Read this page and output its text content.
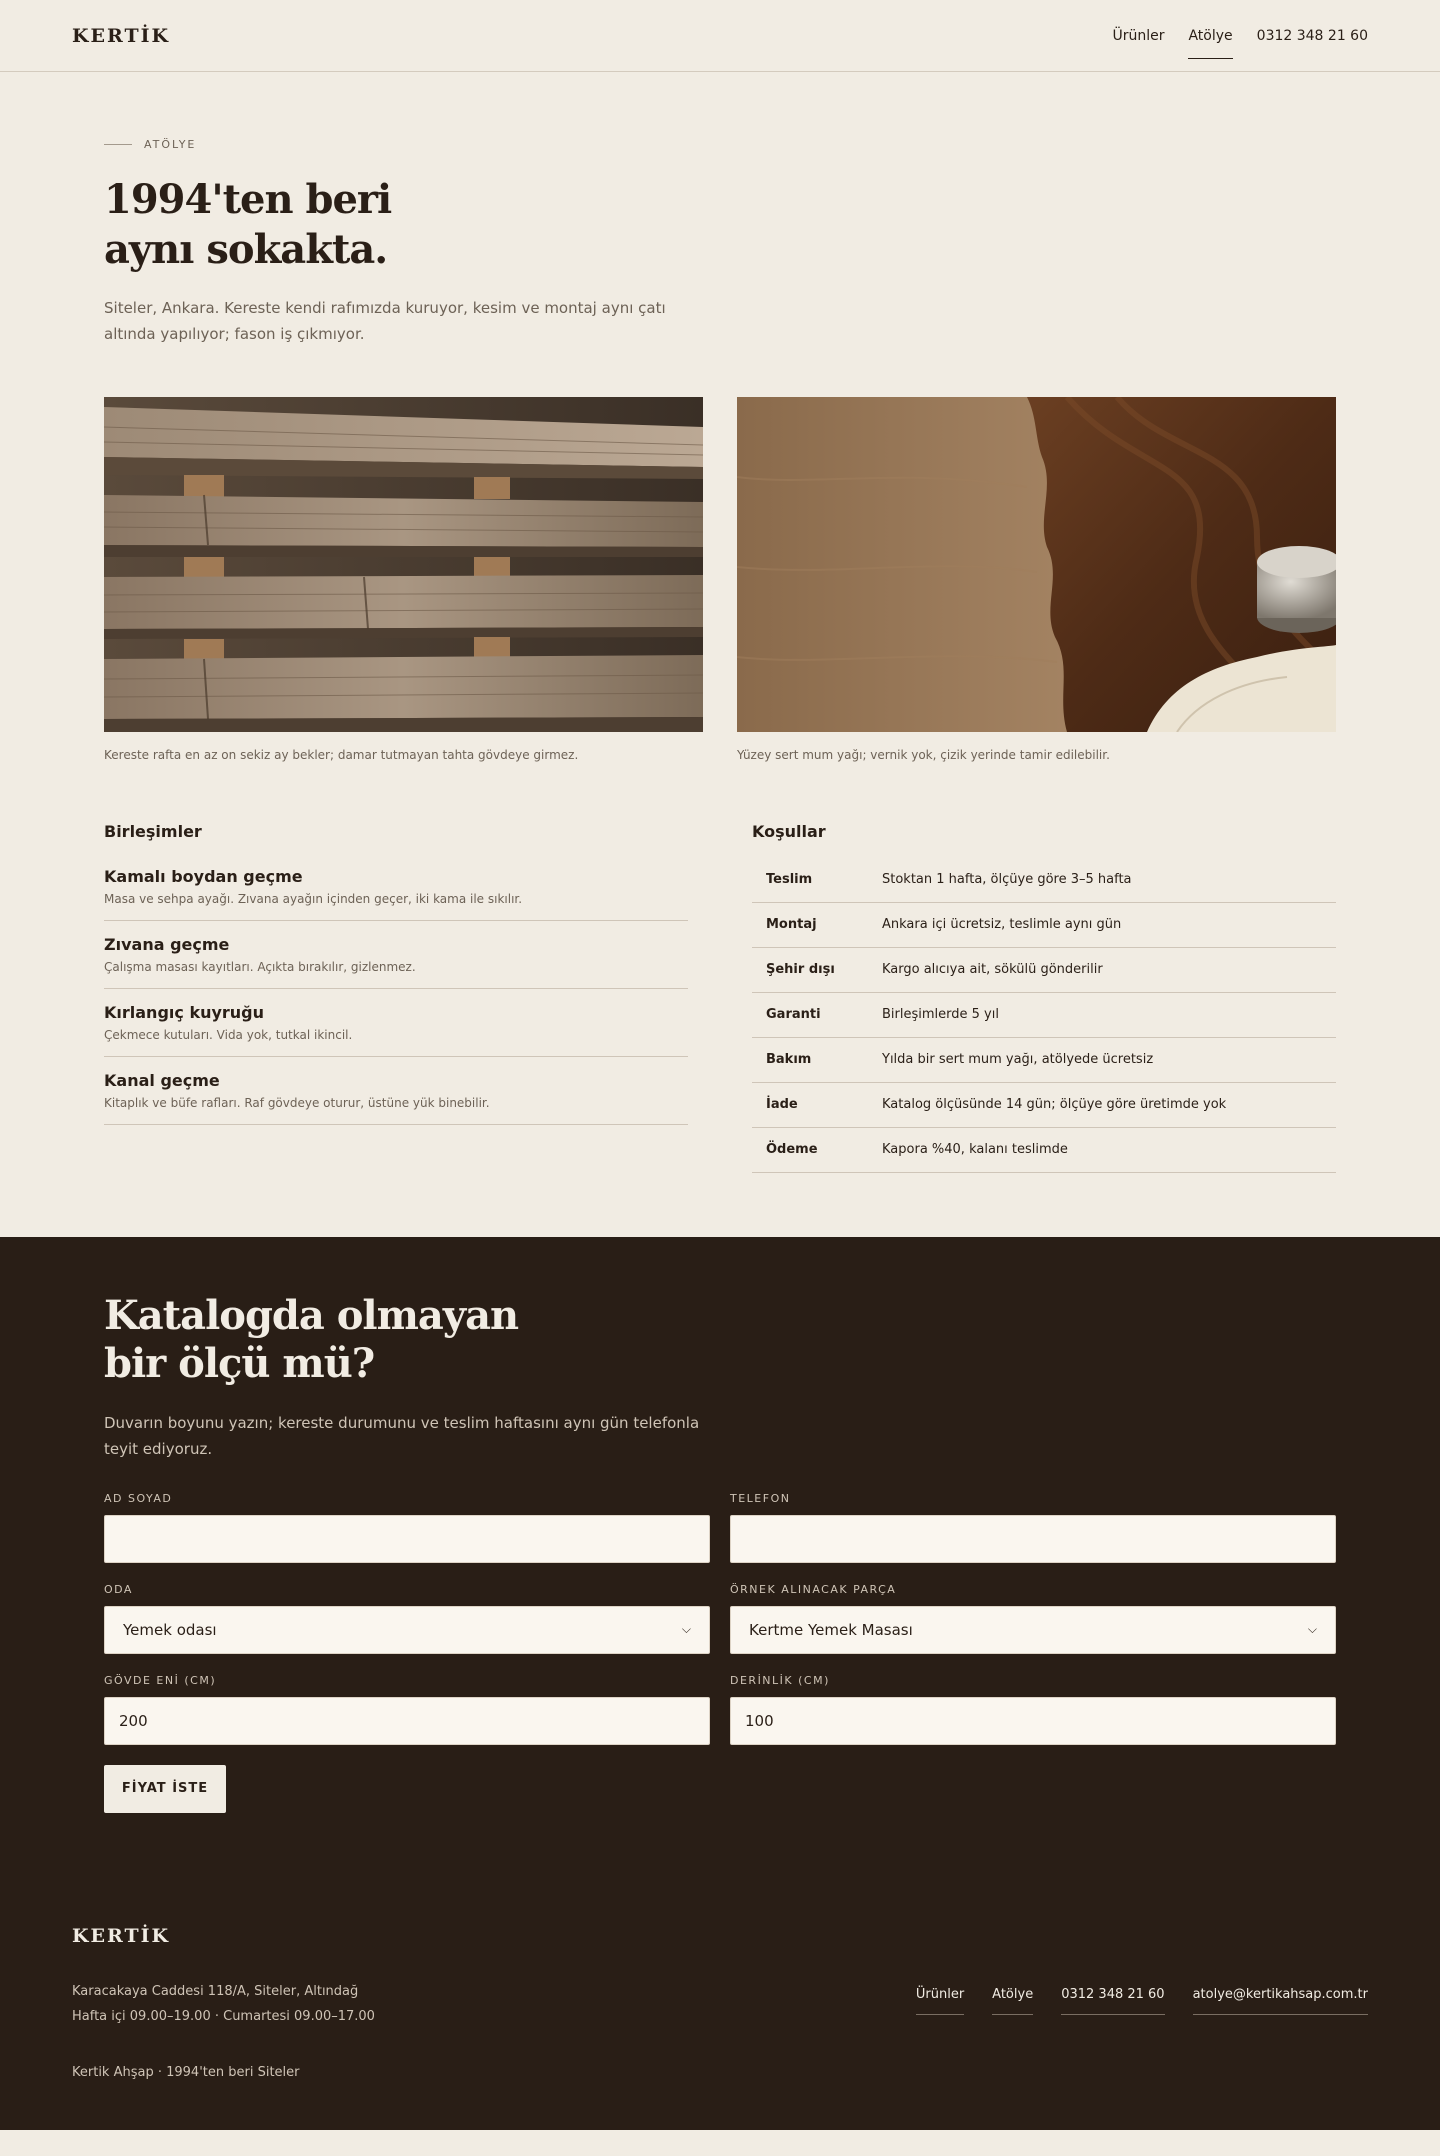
KERTİK	Ürünler Atölye 0312 348 21 60
ATÖLYE
1994'ten beri
aynı sokakta.

Siteler, Ankara. Kereste kendi rafımızda kuruyor, kesim ve montaj aynı çatı altında yapılıyor; fason iş çıkmıyor.

Kereste rafta en az on sekiz ay bekler; damar tutmayan tahta gövdeye girmez.	Yüzey sert mum yağı; vernik yok, çizik yerinde tamir edilebilir.
Birleşimler
Kamalı boydan geçme
Masa ve sehpa ayağı. Zıvana ayağın içinden geçer, iki kama ile sıkılır.
Zıvana geçme
Çalışma masası kayıtları. Açıkta bırakılır, gizlenmez.
Kırlangıç kuyruğu
Çekmece kutuları. Vida yok, tutkal ikincil.
Kanal geçme
Kitaplık ve büfe rafları. Raf gövdeye oturur, üstüne yük binebilir.
Koşullar
Teslim	Stoktan 1 hafta, ölçüye göre 3–5 hafta
Montaj	Ankara içi ücretsiz, teslimle aynı gün
Şehir dışı	Kargo alıcıya ait, sökülü gönderilir
Garanti	Birleşimlerde 5 yıl
Bakım	Yılda bir sert mum yağı, atölyede ücretsiz
İade	Katalog ölçüsünde 14 gün; ölçüye göre üretimde yok
Ödeme	Kapora %40, kalanı teslimde
Katalogda olmayan
bir ölçü mü?

Duvarın boyunu yazın; kereste durumunu ve teslim haftasını aynı gün telefonla teyit ediyoruz.

AD SOYAD	TELEFON
ODA
Yemek odası	⌵
ÖRNEK ALINACAK PARÇA
Kertme Yemek Masası	⌵
GÖVDE ENİ (CM)
200	DERİNLİK (CM)
100
FİYAT İSTE
KERTİK
Karacakaya Caddesi 118/A, Siteler, Altındağ
Hafta içi 09.00–19.00 · Cumartesi 09.00–17.00
Ürünler Atölye 0312 348 21 60 atolye@kertikahsap.com.tr
Kertik Ahşap · 1994'ten beri Siteler
